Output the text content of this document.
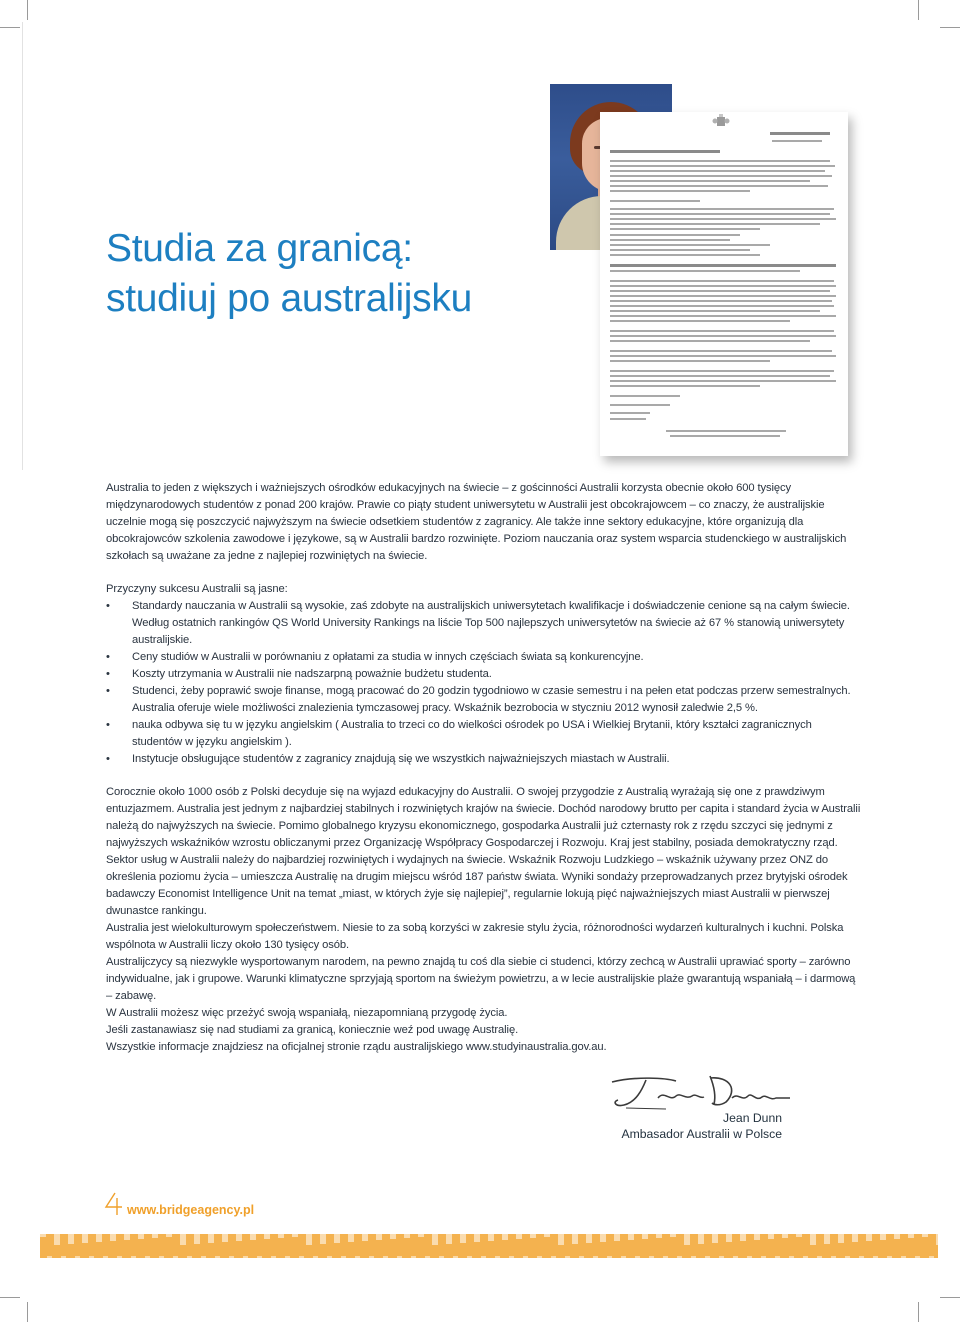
Studia za granicą:
studiuj po australijsku

Australia to jeden z większych i ważniejszych ośrodków edukacyjnych na świecie – z gościnności Australii korzysta obecnie około 600 tysięcy międzynarodowych studentów z ponad 200 krajów. Prawie co piąty student uniwersytetu w Australii jest obcokrajowcem – co znaczy, że australijskie uczelnie mogą się poszczycić najwyższym na świecie odsetkiem studentów z zagranicy. Ale także inne sektory edukacyjne, które organizują dla obcokrajowców szkolenia zawodowe i językowe, są w Australii bardzo rozwinięte. Poziom nauczania oraz system wsparcia studenckiego w australijskich szkołach są uważane za jedne z najlepiej rozwiniętych na świecie.

Przyczyny sukcesu Australii są jasne:

• Standardy nauczania w Australii są wysokie, zaś zdobyte na australijskich uniwersytetach kwalifikacje i doświadczenie cenione są na całym świecie. Według ostatnich rankingów QS World University Rankings na liście Top 500 najlepszych uniwersytetów na świecie aż 67 % stanowią uniwersytety australijskie.
• Ceny studiów w Australii w porównaniu z opłatami za studia w innych częściach świata są konkurencyjne.
• Koszty utrzymania w Australii nie nadszarpną poważnie budżetu studenta.
• Studenci, żeby poprawić swoje finanse, mogą pracować do 20 godzin tygodniowo w czasie semestru i na pełen etat podczas przerw semestralnych. Australia oferuje wiele możliwości znalezienia tymczasowej pracy. Wskaźnik bezrobocia w styczniu 2012 wynosił zaledwie 2,5 %.
• nauka odbywa się tu w języku angielskim ( Australia to trzeci co do wielkości ośrodek po USA i Wielkiej Brytanii, który kształci zagranicznych studentów w języku angielskim ).
• Instytucje obsługujące studentów z zagranicy znajdują się we wszystkich najważniejszych miastach w Australii.

Corocznie około 1000 osób z Polski decyduje się na wyjazd edukacyjny do Australii. O swojej przygodzie z Australią wyrażają się one z prawdziwym entuzjazmem. Australia jest jednym z najbardziej stabilnych i rozwiniętych krajów na świecie. Dochód narodowy brutto per capita i standard życia w Australii należą do najwyższych na świecie. Pomimo globalnego kryzysu ekonomicznego, gospodarka Australii już czternasty rok z rzędu szczyci się jednymi z najwyższych wskaźników wzrostu obliczanymi przez Organizację Współpracy Gospodarczej i Rozwoju. Kraj jest stabilny, posiada demokratyczny rząd. Sektor usług w Australii należy do najbardziej rozwiniętych i wydajnych na świecie. Wskaźnik Rozwoju Ludzkiego – wskaźnik używany przez ONZ do określenia poziomu życia – umieszcza Australię na drugim miejscu wśród 187 państw świata. Wyniki sondaży przeprowadzanych przez brytyjski ośrodek badawczy Economist Intelligence Unit na temat „miast, w których żyje się najlepiej”, regularnie lokują pięć najważniejszych miast Australii w pierwszej dwunastce rankingu.

Australia jest wielokulturowym społeczeństwem. Niesie to za sobą korzyści w zakresie stylu życia, różnorodności wydarzeń kulturalnych i kuchni. Polska wspólnota w Australii liczy około 130 tysięcy osób.

Australijczycy są niezwykle wysportowanym narodem, na pewno znajdą tu coś dla siebie ci studenci, którzy zechcą w Australii uprawiać sporty – zarówno indywidualne, jak i grupowe. Warunki klimatyczne sprzyjają sportom na świeżym powietrzu, a w lecie australijskie plaże gwarantują wspaniałą – i darmową – zabawę.

W Australii możesz więc przeżyć swoją wspaniałą, niezapomnianą przygodę życia.

Jeśli zastanawiasz się nad studiami za granicą, koniecznie weź pod uwagę Australię.

Wszystkie informacje znajdziesz na oficjalnej stronie rządu australijskiego www.studyinaustralia.gov.au.

Jean Dunn
Ambasador Australii w Polsce
4
www.bridgeagency.pl
